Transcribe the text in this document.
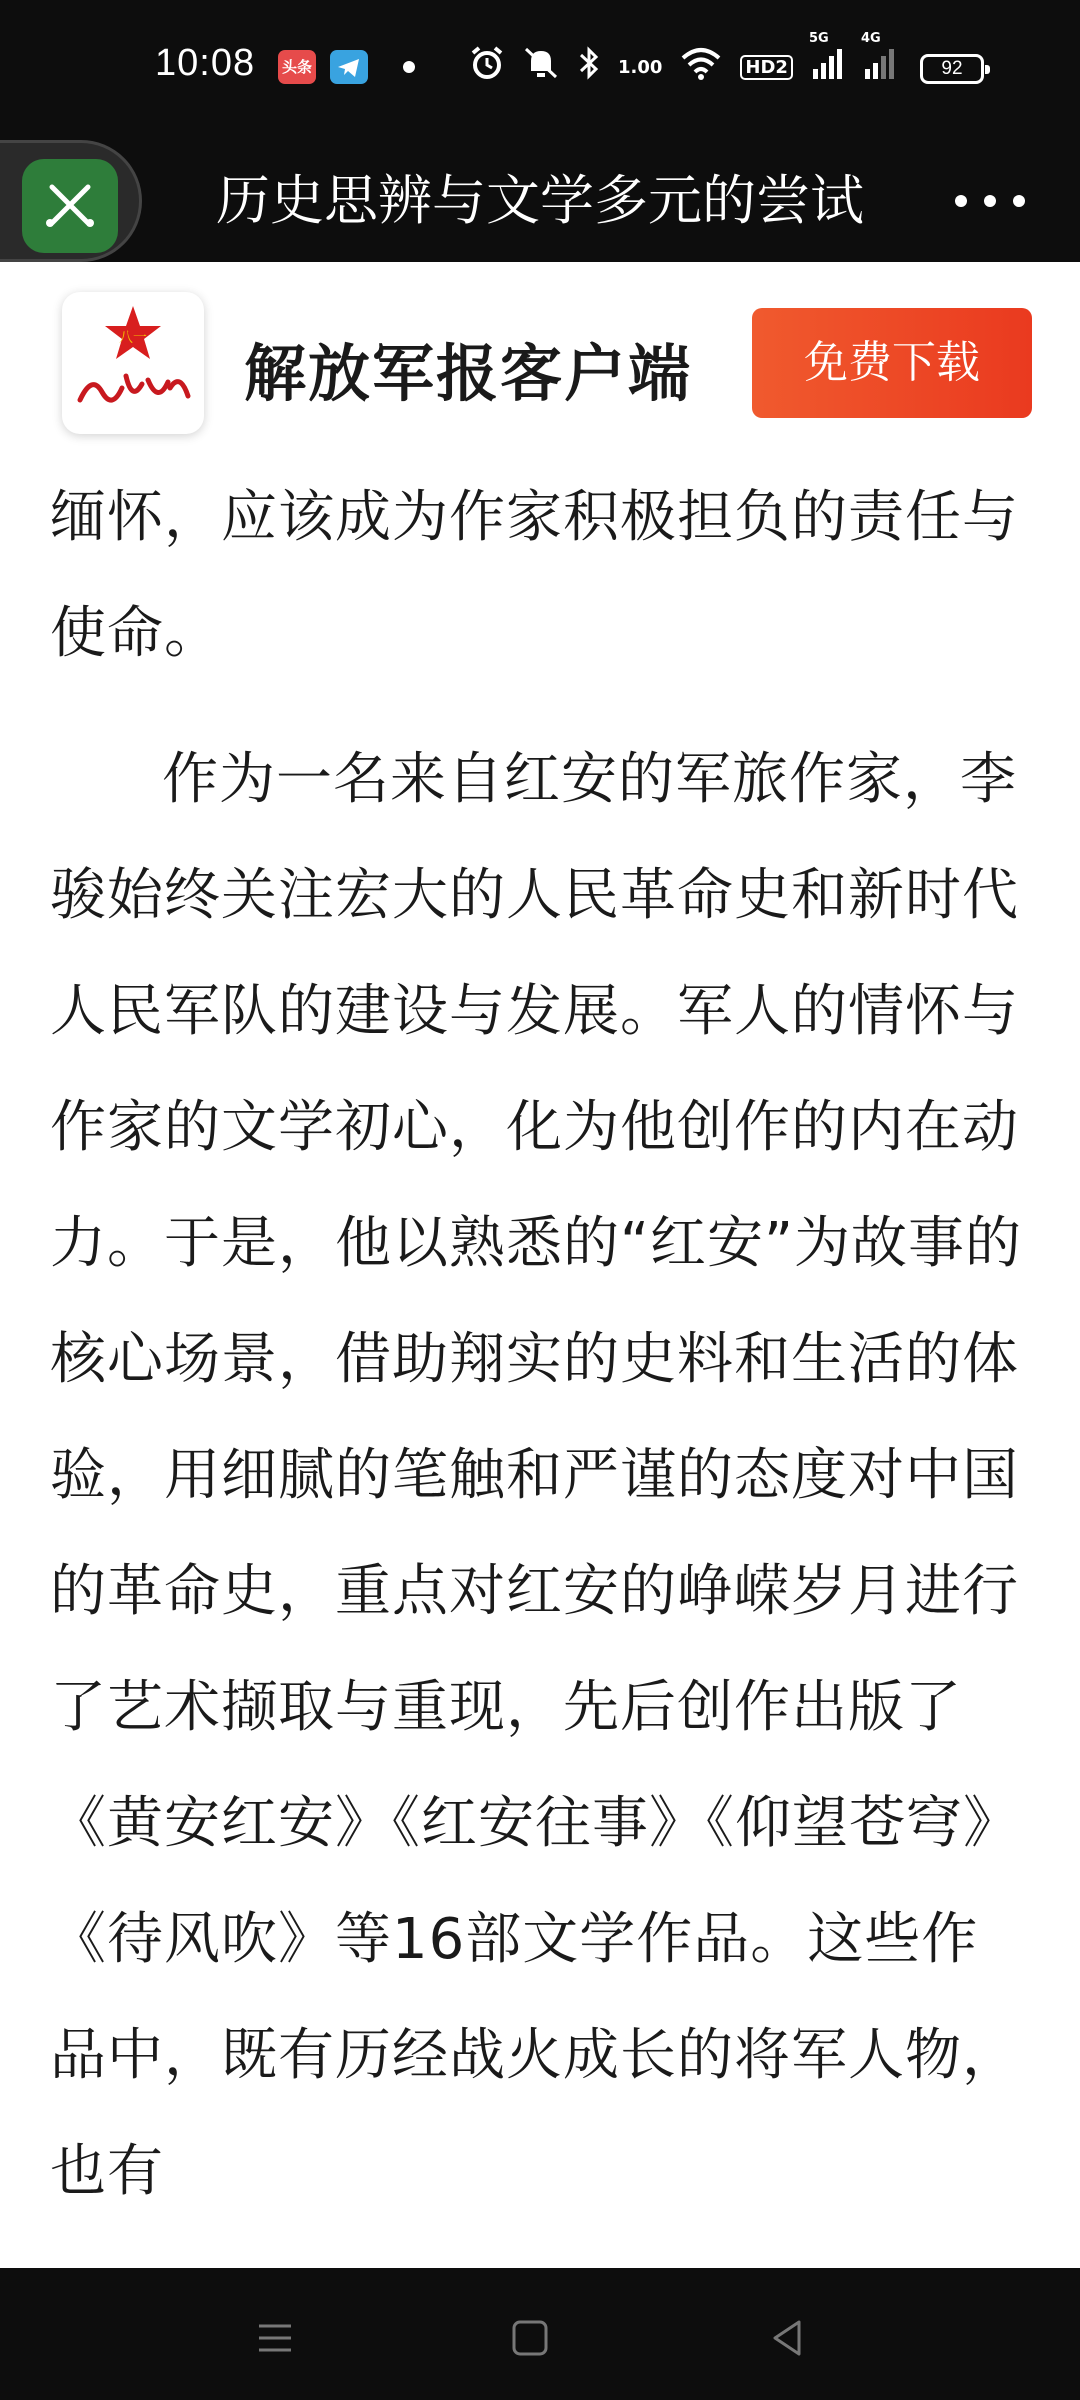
10:08 头条	1.00	HD2
5G 4G
92
历史思辨与文学多元的尝试
八一 解放军报客户端	免费下载

缅怀，应该成为作家积极担负的责任与使命。

作为一名来自红安的军旅作家，李骏始终关注宏大的人民革命史和新时代人民军队的建设与发展。军人的情怀与作家的文学初心，化为他创作的内在动力。于是，他以熟悉的“红安”为故事的核心场景，借助翔实的史料和生活的体验，用细腻的笔触和严谨的态度对中国的革命史，重点对红安的峥嵘岁月进行了艺术撷取与重现，先后创作出版了《黄安红安》《红安往事》《仰望苍穹》《待风吹》等16部文学作品。这些作品中，既有历经战火成长的将军人物，也有
